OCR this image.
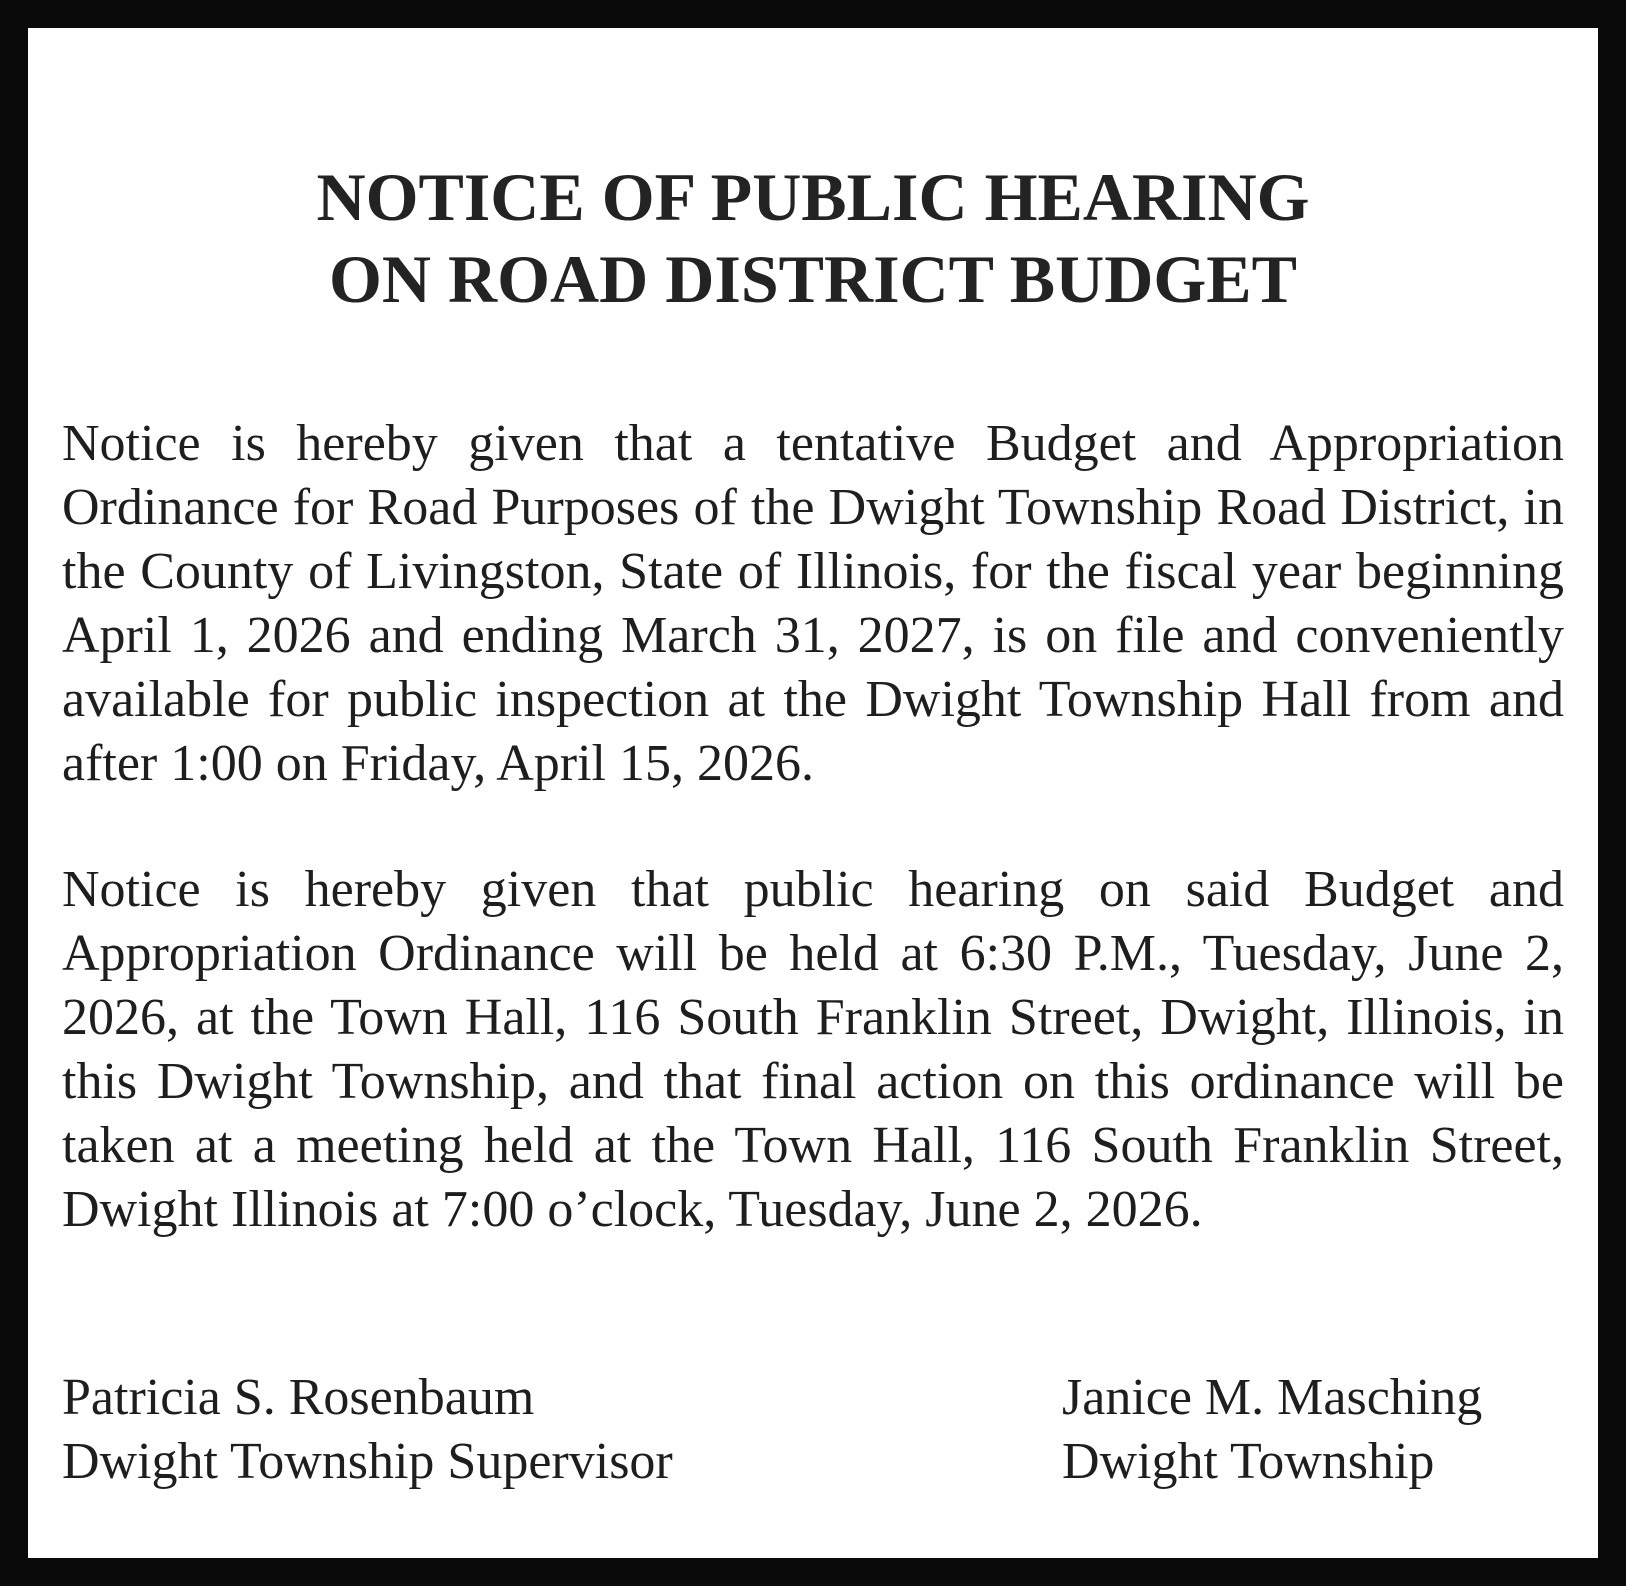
NOTICE OF PUBLIC HEARING
ON ROAD DISTRICT BUDGET

Notice is hereby given that a tentative Budget and Appropriation Ordinance for Road Purposes of the Dwight Township Road District, in the County of Livingston, State of Illinois, for the fiscal year beginning April 1, 2026 and ending March 31, 2027, is on file and conveniently available for public inspection at the Dwight Township Hall from and after 1:00 on Friday, April 15, 2026.

Notice is hereby given that public hearing on said Budget and Appropriation Ordinance will be held at 6:30 P.M., Tuesday, June 2, 2026, at the Town Hall, 116 South Franklin Street, Dwight, Illinois, in this Dwight Township, and that final action on this ordinance will be taken at a meeting held at the Town Hall, 116 South Franklin Street, Dwight Illinois at 7:00 o’clock, Tuesday, June 2, 2026.

Patricia S. Rosenbaum
Dwight Township Supervisor
Janice M. Masching
Dwight Township
